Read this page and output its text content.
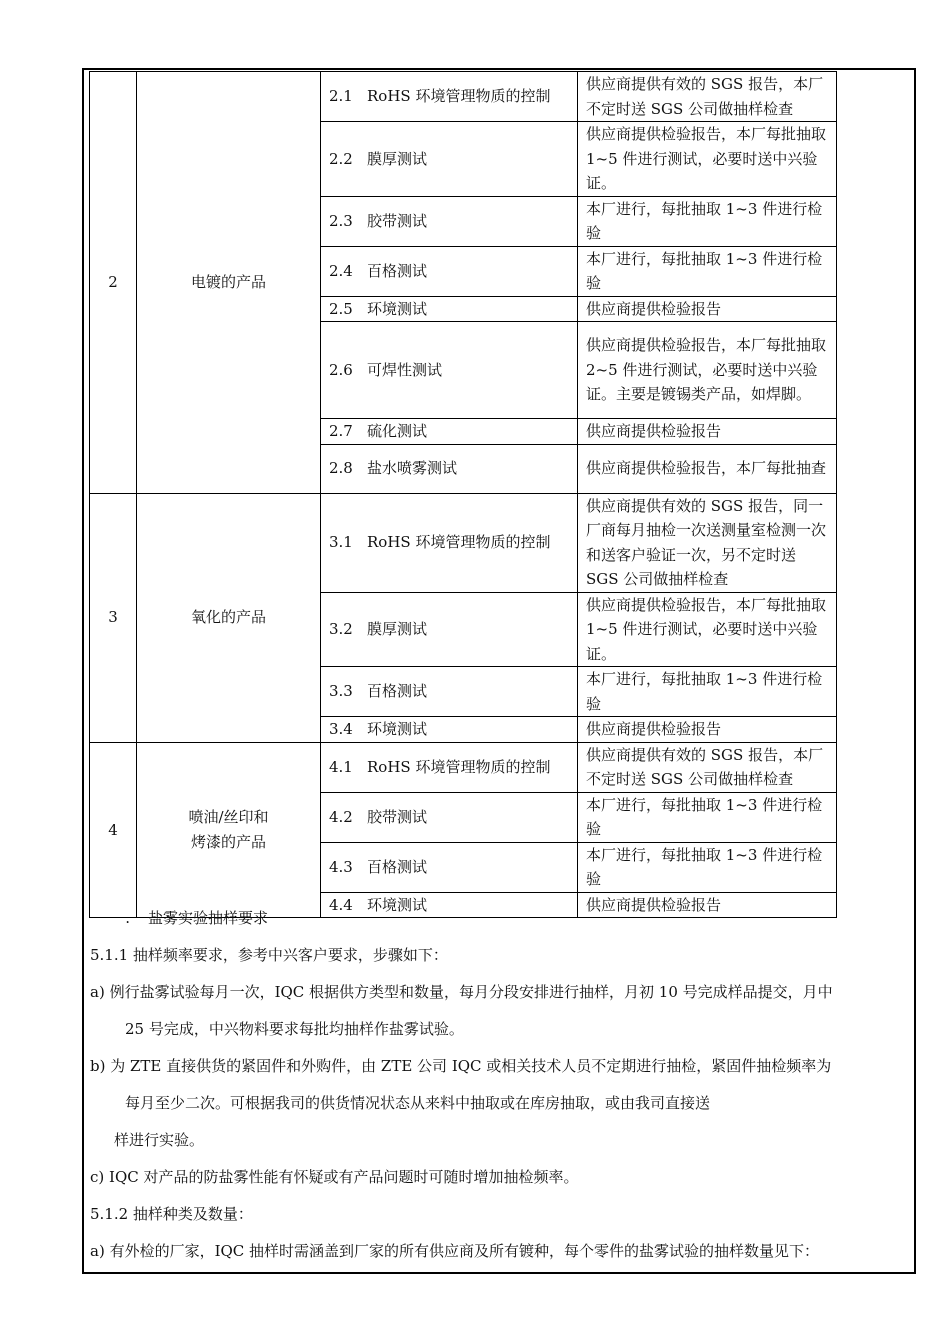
2	电镀的产品	2.1 RoHS 环境管理物质的控制	供应商提供有效的 SGS 报告，本厂不定时送 SGS 公司做抽样检查
		2.2 膜厚测试	供应商提供检验报告，本厂每批抽取 1~5 件进行测试，必要时送中兴验证。
		2.3 胶带测试	本厂进行，每批抽取 1~3 件进行检验
		2.4 百格测试	本厂进行，每批抽取 1~3 件进行检验
		2.5 环境测试	供应商提供检验报告
		2.6 可焊性测试	供应商提供检验报告，本厂每批抽取 2~5 件进行测试，必要时送中兴验证。主要是镀锡类产品，如焊脚。
		2.7 硫化测试	供应商提供检验报告
		2.8 盐水喷雾测试	供应商提供检验报告，本厂每批抽查
3	氧化的产品	3.1 RoHS 环境管理物质的控制	供应商提供有效的 SGS 报告，同一厂商每月抽检一次送测量室检测一次和送客户验证一次，另不定时送 SGS 公司做抽样检查
		3.2 膜厚测试	供应商提供检验报告，本厂每批抽取 1~5 件进行测试，必要时送中兴验证。
		3.3 百格测试	本厂进行，每批抽取 1~3 件进行检验
		3.4 环境测试	供应商提供检验报告
4	喷油/丝印和
烤漆的产品	4.1 RoHS 环境管理物质的控制	供应商提供有效的 SGS 报告，本厂不定时送 SGS 公司做抽样检查
		4.2 胶带测试	本厂进行，每批抽取 1~3 件进行检验
		4.3 百格测试	本厂进行，每批抽取 1~3 件进行检验
		4.4 环境测试	供应商提供检验报告

. 盐雾实验抽样要求

5.1.1 抽样频率要求，参考中兴客户要求，步骤如下：

a) 例行盐雾试验每月一次，IQC 根据供方类型和数量，每月分段安排进行抽样，月初 10 号完成样品提交，月中

25 号完成，中兴物料要求每批均抽样作盐雾试验。

b) 为 ZTE 直接供货的紧固件和外购件，由 ZTE 公司 IQC 或相关技术人员不定期进行抽检，紧固件抽检频率为

每月至少二次。可根据我司的供货情况状态从来料中抽取或在库房抽取，或由我司直接送

样进行实验。

c) IQC 对产品的防盐雾性能有怀疑或有产品问题时可随时增加抽检频率。

5.1.2 抽样种类及数量：

a) 有外检的厂家，IQC 抽样时需涵盖到厂家的所有供应商及所有镀种，每个零件的盐雾试验的抽样数量见下：
